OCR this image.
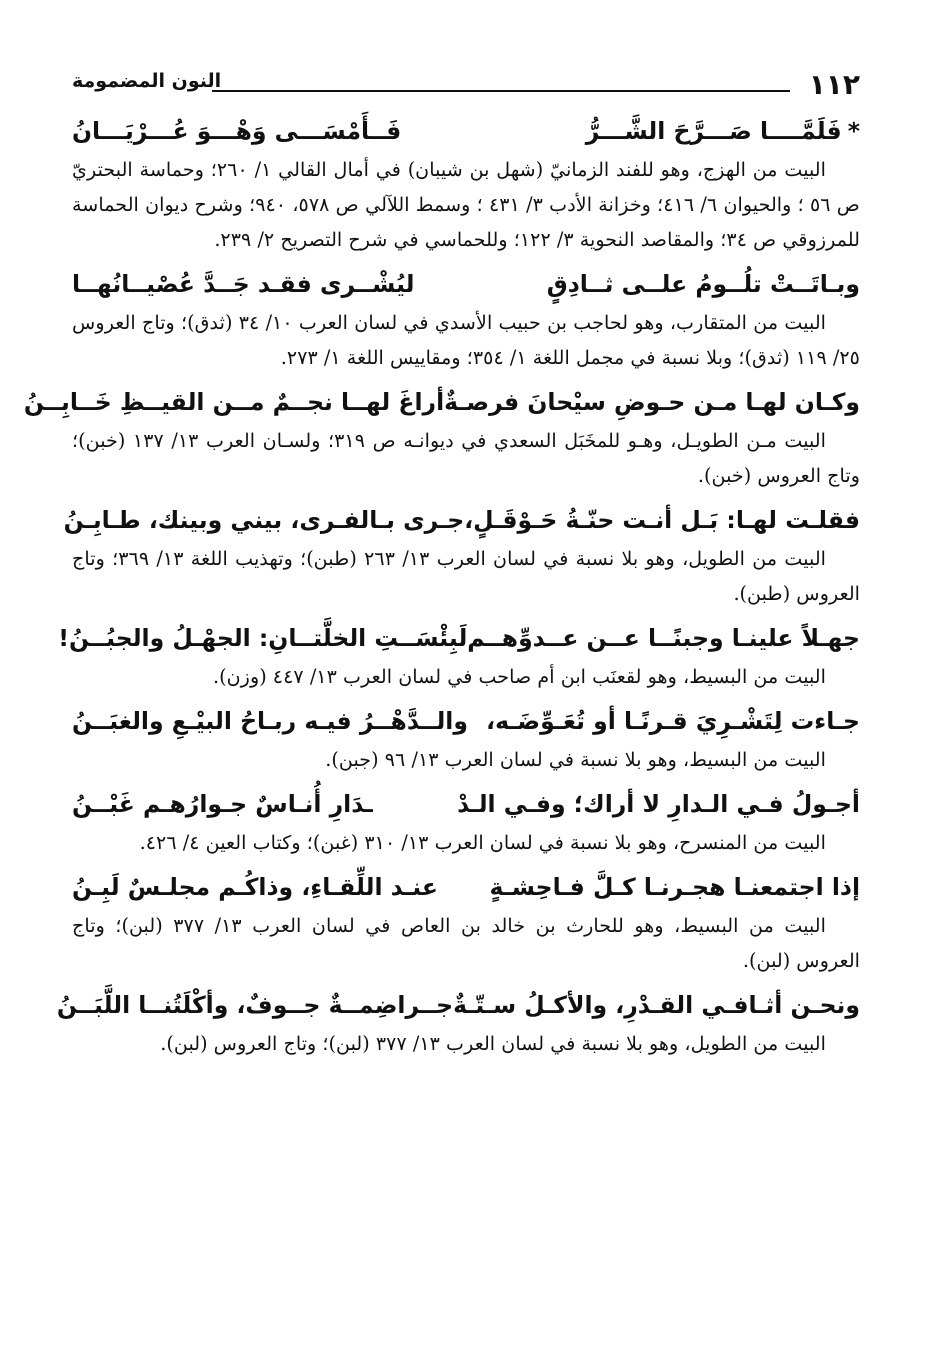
١١٢
النون المضمومة
*فَلَمَّــــا صَـــرَّحَ الشَّـــرُّ
فَــأَمْسَـــى وَهْـــوَ عُـــرْيَـــانُ

البيت من الهزج، وهو للفند الزمانيّ (شهل بن شيبان) في أمال القالي ١/ ٢٦٠؛ وحماسة البحتريّ ص ٥٦ ؛ والحيوان ٦/ ٤١٦؛ وخزانة الأدب ٣/ ٤٣١ ؛ وسمط اللآلي ص ٥٧٨، ٩٤٠؛ وشرح ديوان الحماسة للمرزوقي ص ٣٤؛ والمقاصد النحوية ٣/ ١٢٢؛ وللحماسي في شرح التصريح ٢/ ٢٣٩.

وبـاتَــتْ تلُــومُ علــى ثــادِقٍ
ليُشْــرى فقـد جَــدَّ عُصْيــانُهــا

البيت من المتقارب، وهو لحاجب بن حبيب الأسدي في لسان العرب ١٠/ ٣٤ (ثدق)؛ وتاج العروس ٢٥/ ١١٩ (ثدق)؛ وبلا نسبة في مجمل اللغة ١/ ٣٥٤؛ ومقاييس اللغة ١/ ٢٧٣.

وكـان لهـا مـن حـوضِ سيْحانَ فرصـةٌ
أراغَ لهــا نجــمٌ مــن القيــظِ خَــابِــنُ

البيت مـن الطويـل، وهـو للمخَبَل السعدي في ديوانـه ص ٣١٩؛ ولسـان العرب ١٣/ ١٣٧ (خبن)؛ وتاج العروس (خبن).

فقلـت لهـا: بَـل أنـت حنّـةُ حَـوْقَـلٍ،
جـرى بـالفـرى، بيني وبينك، طـابِـنُ

البيت من الطويل، وهو بلا نسبة في لسان العرب ١٣/ ٢٦٣ (طبن)؛ وتهذيب اللغة ١٣/ ٣٦٩؛ وتاج العروس (طبن).

جهـلاً علينـا وجبنًــا عــن عــدوِّهــم
لَبِئْسَــتِ الخلَّتــانِ: الجهْـلُ والجبُــنُ!

البيت من البسيط، وهو لقعنَب ابن أم صاحب في لسان العرب ١٣/ ٤٤٧ (وزن).

جـاءت لِتَشْـرِيَ قـرنًـا أو تُعَـوِّضَـه،
والــدَّهْــرُ فيـه ربـاحُ البيْـعِ والغبَــنُ

البيت من البسيط، وهو بلا نسبة في لسان العرب ١٣/ ٩٦ (جبن).

أجـولُ فـي الـدارِ لا أراك؛ وفـي الـدْ
ـدَارِ أُنـاسٌ جـوارُهـم غَبْــنُ

البيت من المنسرح، وهو بلا نسبة في لسان العرب ١٣/ ٣١٠ (غبن)؛ وكتاب العين ٤/ ٤٢٦.

إذا اجتمعنـا هجـرنـا كـلَّ فـاحِشـةٍ
عنـد اللِّقـاءِ، وذاكُـم مجلـسٌ لَبِـنُ

البيت من البسيط، وهو للحارث بن خالد بن العاص في لسان العرب ١٣/ ٣٧٧ (لبن)؛ وتاج العروس (لبن).

ونحـن أثـافـي القـدْرِ، والأكـلُ سـتّـةٌ
جــراضِمــةٌ جــوفٌ، وأكْلَتُنــا اللَّبَــنُ

البيت من الطويل، وهو بلا نسبة في لسان العرب ١٣/ ٣٧٧ (لبن)؛ وتاج العروس (لبن).
